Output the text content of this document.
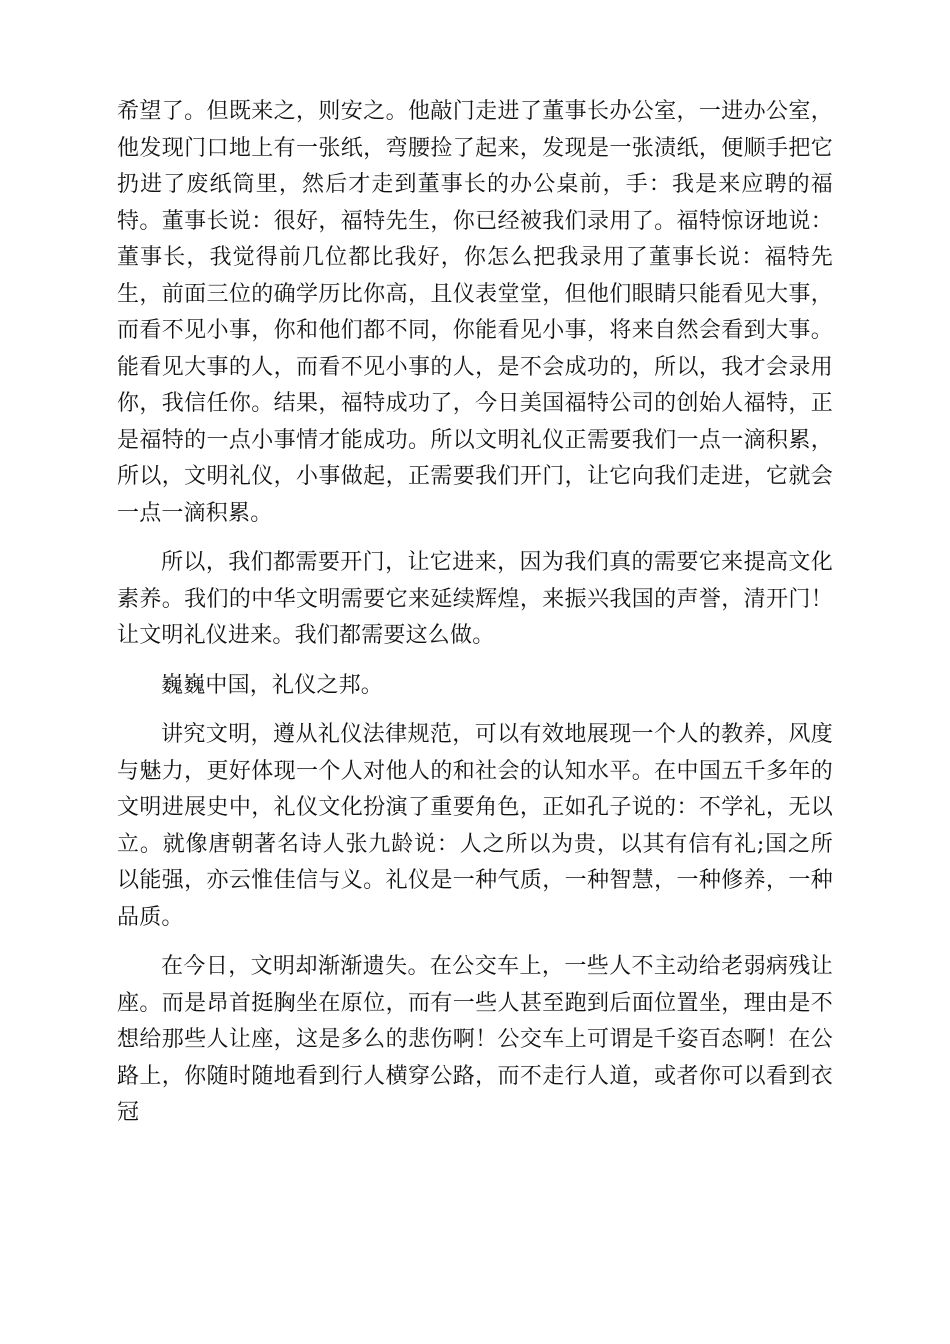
希望了。但既来之，则安之。他敲门走进了董事长办公室，一进办公室，他发现门口地上有一张纸，弯腰捡了起来，发现是一张渍纸，便顺手把它扔进了废纸筒里，然后才走到董事长的办公桌前，手：我是来应聘的福特。董事长说：很好，福特先生，你已经被我们录用了。福特惊讶地说：董事长，我觉得前几位都比我好，你怎么把我录用了董事长说：福特先生，前面三位的确学历比你高，且仪表堂堂，但他们眼睛只能看见大事，而看不见小事，你和他们都不同，你能看见小事，将来自然会看到大事。能看见大事的人，而看不见小事的人，是不会成功的，所以，我才会录用你，我信任你。结果，福特成功了，今日美国福特公司的创始人福特，正是福特的一点小事情才能成功。所以文明礼仪正需要我们一点一滴积累，所以，文明礼仪，小事做起，正需要我们开门，让它向我们走进，它就会一点一滴积累。

所以，我们都需要开门，让它进来，因为我们真的需要它来提高文化素养。我们的中华文明需要它来延续辉煌，来振兴我国的声誉，清开门！让文明礼仪进来。我们都需要这么做。

巍巍中国，礼仪之邦。

讲究文明，遵从礼仪法律规范，可以有效地展现一个人的教养，风度与魅力，更好体现一个人对他人的和社会的认知水平。在中国五千多年的文明进展史中，礼仪文化扮演了重要角色，正如孔子说的：不学礼，无以立。就像唐朝著名诗人张九龄说：人之所以为贵，以其有信有礼;国之所以能强，亦云惟佳信与义。礼仪是一种气质，一种智慧，一种修养，一种品质。

在今日，文明却渐渐遗失。在公交车上，一些人不主动给老弱病残让座。而是昂首挺胸坐在原位，而有一些人甚至跑到后面位置坐，理由是不想给那些人让座，这是多么的悲伤啊！公交车上可谓是千姿百态啊！在公路上，你随时随地看到行人横穿公路，而不走行人道，或者你可以看到衣冠
